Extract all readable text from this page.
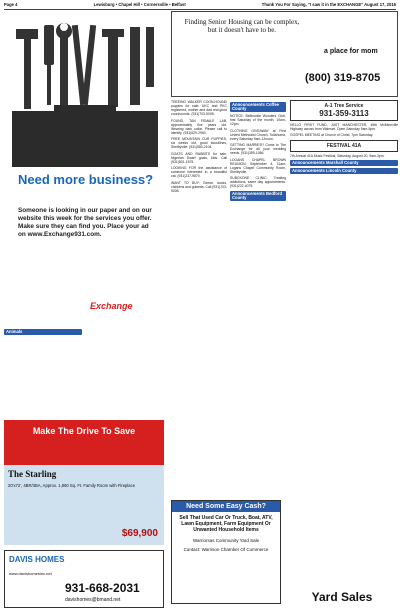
Page 4	Lewisburg • Chapel Hill • Cornersville • Belfast	Thank You For Saying, "I saw it in the EXCHANGE" August 17, 2016
Need more business?
Someone is looking in our paper and on our website this week for the services you offer. Make sure they can find you. Place your ad on www.Exchange931.com.
Exchange
Finding Senior Housing can be complex, but it doesn't have to be.
a place for mom
(800) 319-8705
Animals

TREEING WALKER COON-HOUND puppies for sale. UKC and PKC registered, mother and dad real good coonhounds. (931)703-5008.

FOUND, TAN FEMALE LAB, approximately five years old. Wearing dark collar. Please call to identify. (931)529-2960.

FREE MOUNTAIN CUR PUPPIES, six weeks old, good bloodlines, Shelbyville. (931)580-2104.

GOATS AND RABBITS for sale. Nigerian Dwarf goats, kids. Call (931)801-1575.

LOOKING FOR the assistance of someone interested in a beautiful cat. (931)237-9870.

WANT TO BUY: Geese, ducks, chickens and guineas. Call (931)703-5008.

Announcements Coffee County

NOTICE: Bellbuckle Wonders Club, first Saturday of the month, 10am-12pm.

CLOTHING GIVEAWAY at First United Methodist Church, Tullahoma, every Saturday 9am-12noon.

GETTING MARRIED? Come to The Exchange for all your wedding needs. (931)359-1066.

LOGANS CHAPEL BROWN REUNION, September 4, 11am, Logans Chapel Community Room, Shelbyville.

SUBOXONE CLINIC: Treating addictions, same day appointments. (931)222-4075.

Announcements Bedford County
A-1 Tree Service
931-359-3113

HELLO FIRST FUND, JUST MANCHESTER, 45th McMinnville Highway across from Walmart. Open Saturday 9am-5pm.

GOSPEL MEETING at Church of Christ, 7pm Saturday.

FESTIVAL 41A

7th Annual 41A Music Festival, Saturday, August 20, 9am-3pm.

Announcements Marshall County
Announcements Lincoln County
Make The Drive To Save
The Starling
20'x72', 4BR/3BA, Approx. 1,860 Sq. Ft. Family Room with Fireplace
$69,900
DAVIS HOMES
www.davishomesinc.net
931-668-2031
davishomes@bmand.net
Need Some Easy Cash?
Sell That Used Car Or Truck, Boat, ATV, Lawn Equipment, Farm Equipment Or Unwanted Household Items
Warriorsas Community Yard Sale
Contact: Warrison Chamber Of Commerce
Yard Sales
